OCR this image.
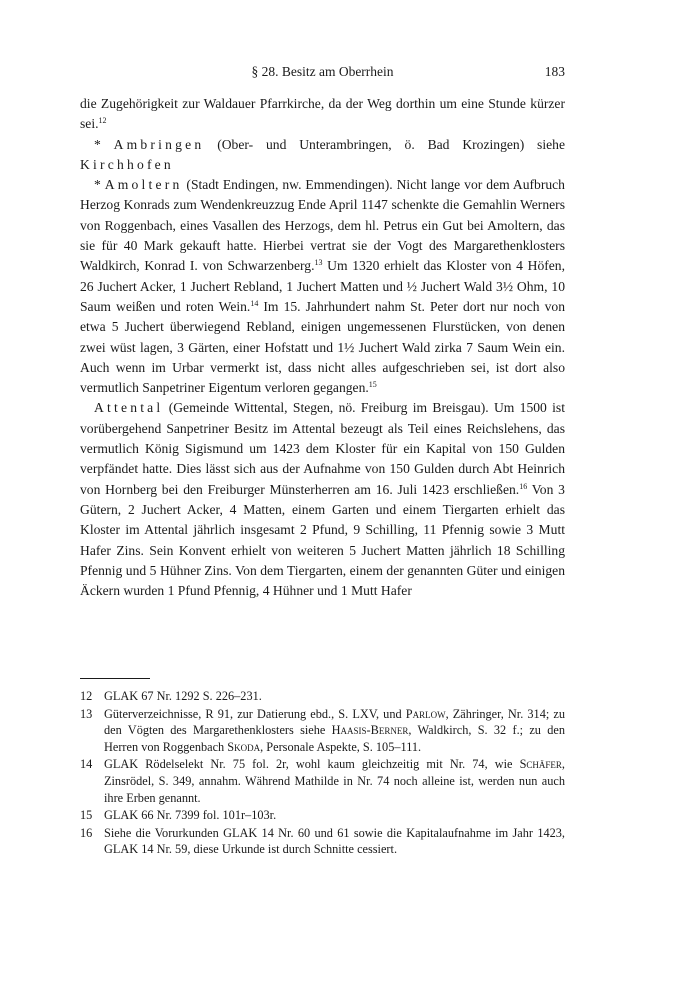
§ 28. Besitz am Oberrhein	183

die Zugehörigkeit zur Waldauer Pfarrkirche, da der Weg dorthin um eine Stunde kürzer sei.$^{12}$

* Ambringen (Ober- und Unterambringen, ö. Bad Krozingen) siehe Kirchhofen

* Amoltern (Stadt Endingen, nw. Emmendingen). Nicht lange vor dem Aufbruch Herzog Konrads zum Wendenkreuzzug Ende April 1147 schenkte die Gemahlin Werners von Roggenbach, eines Vasallen des Herzogs, dem hl. Petrus ein Gut bei Amoltern, das sie für 40 Mark gekauft hatte. Hierbei vertrat sie der Vogt des Margarethenklosters Waldkirch, Konrad I. von Schwarzenberg.$^{13}$ Um 1320 erhielt das Kloster von 4 Höfen, 26 Juchert Acker, 1 Juchert Rebland, 1 Juchert Matten und ½ Juchert Wald 3½ Ohm, 10 Saum weißen und roten Wein.$^{14}$ Im 15. Jahrhundert nahm St. Peter dort nur noch von etwa 5 Juchert überwiegend Rebland, einigen ungemessenen Flurstücken, von denen zwei wüst lagen, 3 Gärten, einer Hofstatt und 1½ Juchert Wald zirka 7 Saum Wein ein. Auch wenn im Urbar vermerkt ist, dass nicht alles aufgeschrieben sei, ist dort also vermutlich Sanpetriner Eigentum verloren gegangen.$^{15}$

Attental (Gemeinde Wittental, Stegen, nö. Freiburg im Breisgau). Um 1500 ist vorübergehend Sanpetriner Besitz im Attental bezeugt als Teil eines Reichslehens, das vermutlich König Sigismund um 1423 dem Kloster für ein Kapital von 150 Gulden verpfändet hatte. Dies lässt sich aus der Aufnahme von 150 Gulden durch Abt Heinrich von Hornberg bei den Freiburger Münsterherren am 16. Juli 1423 erschließen.$^{16}$ Von 3 Gütern, 2 Juchert Acker, 4 Matten, einem Garten und einem Tiergarten erhielt das Kloster im Attental jährlich insgesamt 2 Pfund, 9 Schilling, 11 Pfennig sowie 3 Mutt Hafer Zins. Sein Konvent erhielt von weiteren 5 Juchert Matten jährlich 18 Schilling Pfennig und 5 Hühner Zins. Von dem Tiergarten, einem der genannten Güter und einigen Äckern wurden 1 Pfund Pfennig, 4 Hühner und 1 Mutt Hafer

12 GLAK 67 Nr. 1292 S. 226–231.
13 Güterverzeichnisse, R 91, zur Datierung ebd., S. LXV, und Parlow, Zähringer, Nr. 314; zu den Vögten des Margarethenklosters siehe Haasis-Berner, Waldkirch, S. 32 f.; zu den Herren von Roggenbach Skoda, Personale Aspekte, S. 105–111.
14 GLAK Rödelselekt Nr. 75 fol. 2r, wohl kaum gleichzeitig mit Nr. 74, wie Schäfer, Zinsrödel, S. 349, annahm. Während Mathilde in Nr. 74 noch alleine ist, werden nun auch ihre Erben genannt.
15 GLAK 66 Nr. 7399 fol. 101r–103r.
16 Siehe die Vorurkunden GLAK 14 Nr. 60 und 61 sowie die Kapitalaufnahme im Jahr 1423, GLAK 14 Nr. 59, diese Urkunde ist durch Schnitte cessiert.
